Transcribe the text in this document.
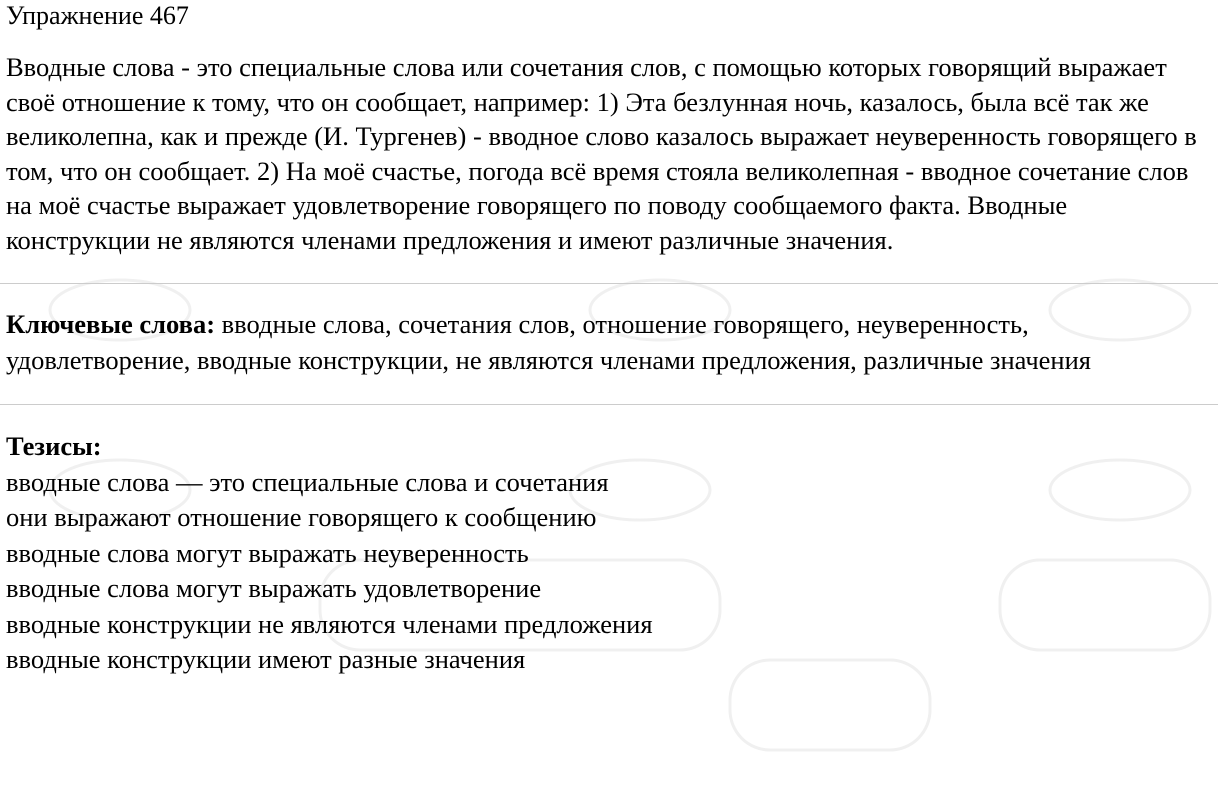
Упражнение 467

Вводные слова - это специальные слова или сочетания слов, с помощью которых говорящий выражает своё отношение к тому, что он сообщает, например: 1) Эта безлунная ночь, казалось, была всё так же великолепна, как и прежде (И. Тургенев) - вводное слово казалось выражает неуверенность говорящего в том, что он сообщает. 2) На моё счастье, погода всё время стояла великолепная - вводное сочетание слов на моё счастье выражает удовлетворение говорящего по поводу сообщаемого факта. Вводные конструкции не являются членами предложения и имеют различные значения.

Ключевые слова: вводные слова, сочетания слов, отношение говорящего, неуверенность, удовлетворение, вводные конструкции, не являются членами предложения, различные значения
Тезисы:
вводные слова — это специальные слова и сочетания
они выражают отношение говорящего к сообщению
вводные слова могут выражать неуверенность
вводные слова могут выражать удовлетворение
вводные конструкции не являются членами предложения
вводные конструкции имеют разные значения
